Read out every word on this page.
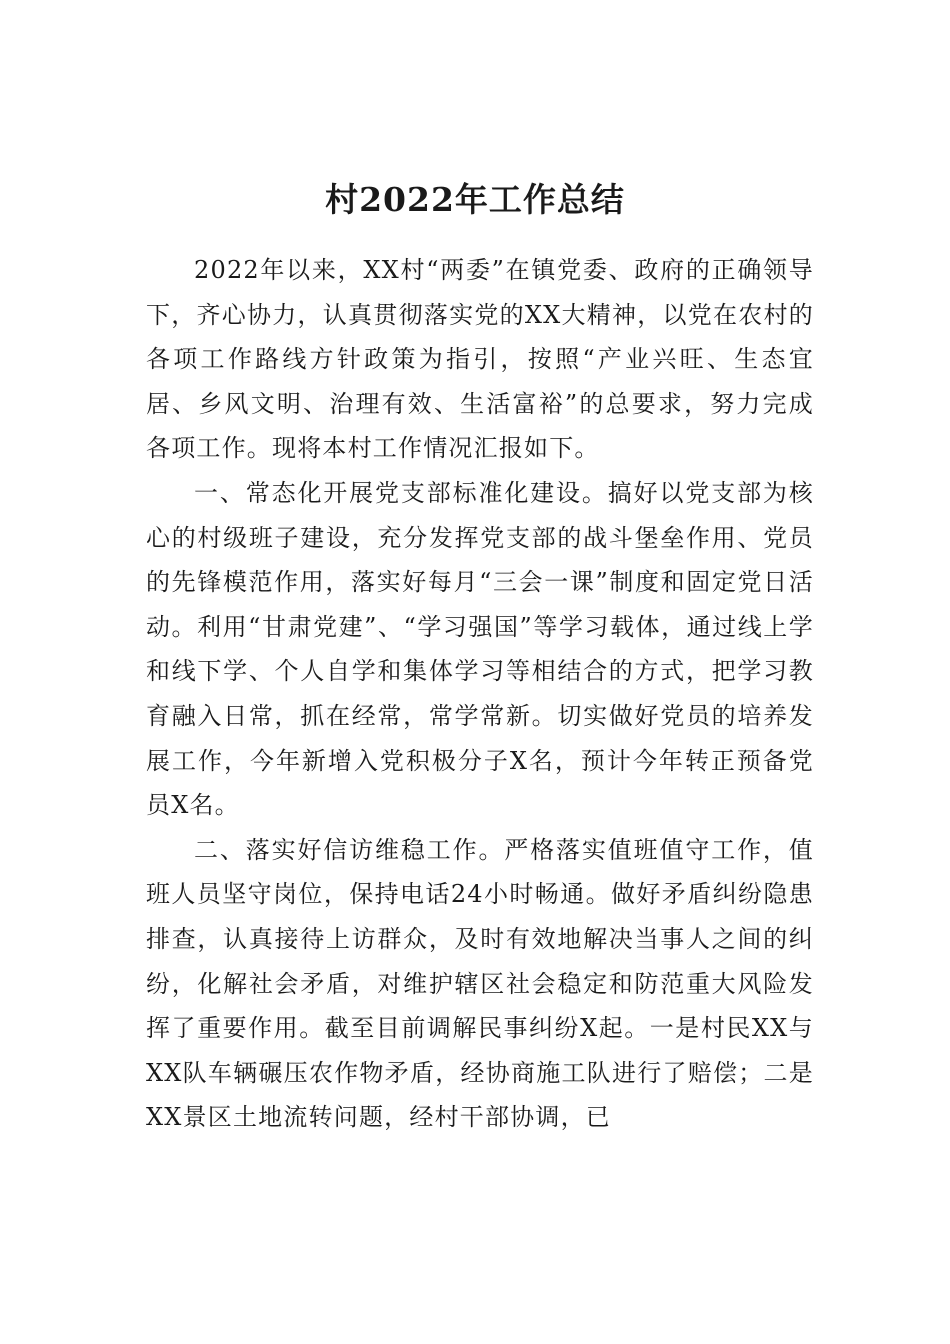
村2022年工作总结

2022年以来，XX村“两委”在镇党委、政府的正确领导下，齐心协力，认真贯彻落实党的XX大精神，以党在农村的各项工作路线方针政策为指引，按照“产业兴旺、生态宜居、乡风文明、治理有效、生活富裕”的总要求，努力完成各项工作。现将本村工作情况汇报如下。

一、常态化开展党支部标准化建设。搞好以党支部为核心的村级班子建设，充分发挥党支部的战斗堡垒作用、党员的先锋模范作用，落实好每月“三会一课”制度和固定党日活动。利用“甘肃党建”、“学习强国”等学习载体，通过线上学和线下学、个人自学和集体学习等相结合的方式，把学习教育融入日常，抓在经常，常学常新。切实做好党员的培养发展工作，今年新增入党积极分子X名，预计今年转正预备党员X名。

二、落实好信访维稳工作。严格落实值班值守工作，值班人员坚守岗位，保持电话24小时畅通。做好矛盾纠纷隐患排查，认真接待上访群众，及时有效地解决当事人之间的纠纷，化解社会矛盾，对维护辖区社会稳定和防范重大风险发挥了重要作用。截至目前调解民事纠纷X起。一是村民XX与XX队车辆碾压农作物矛盾，经协商施工队进行了赔偿；二是XX景区土地流转问题，经村干部协调，已
